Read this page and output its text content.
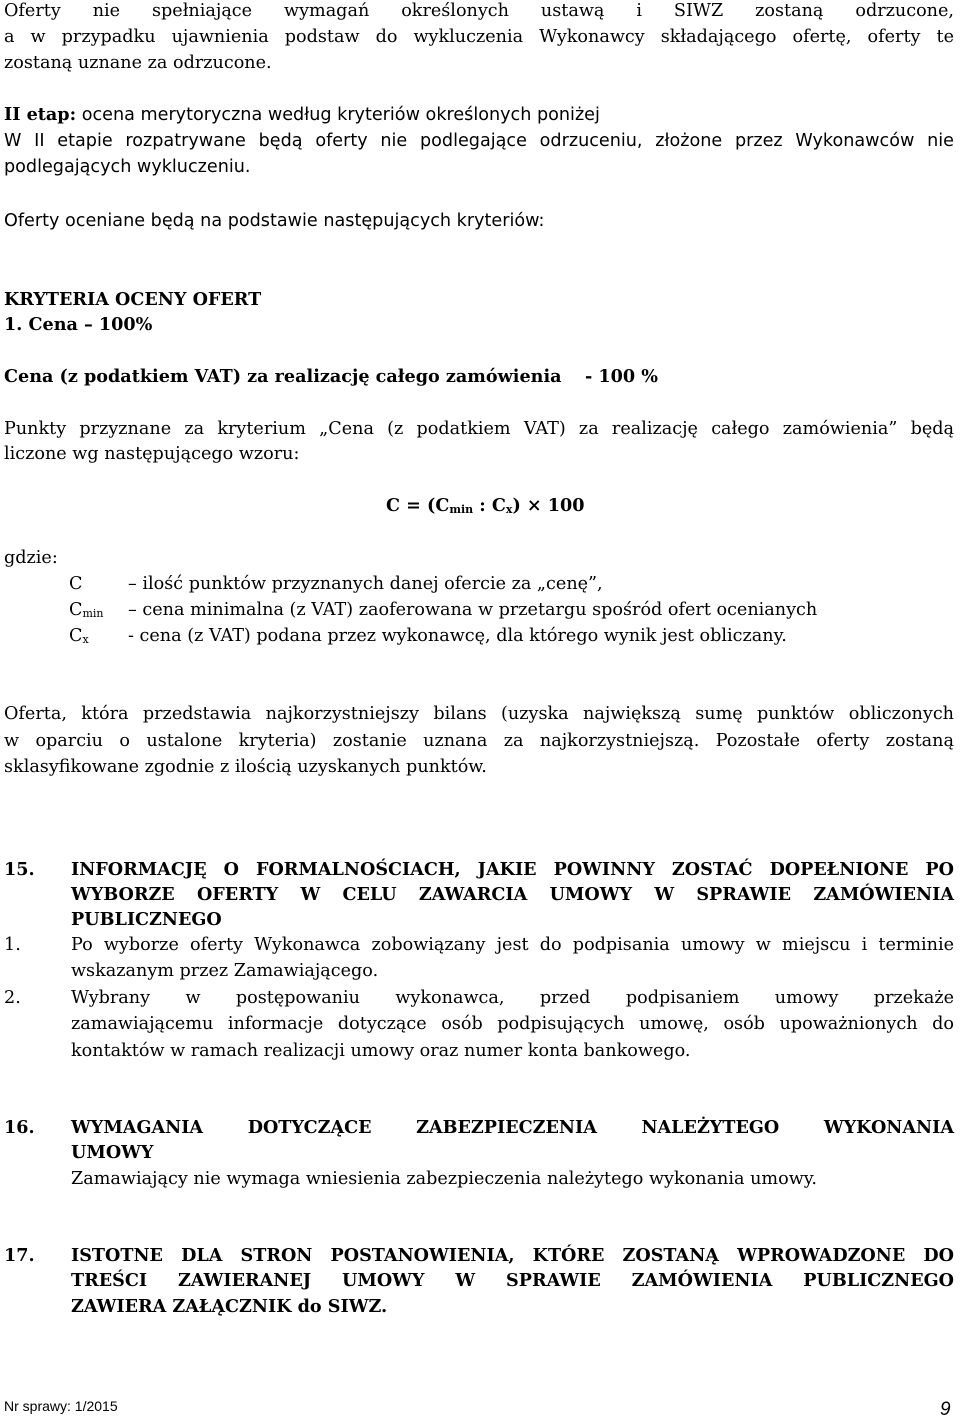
Oferty nie spełniające wymagań określonych ustawą i SIWZ zostaną odrzucone,
a w przypadku ujawnienia podstaw do wykluczenia Wykonawcy składającego ofertę, oferty te
zostaną uznane za odrzucone.
II etap: ocena merytoryczna według kryteriów określonych poniżej
W II etapie rozpatrywane będą oferty nie podlegające odrzuceniu, złożone przez Wykonawców nie
podlegających wykluczeniu.
Oferty oceniane będą na podstawie następujących kryteriów:
KRYTERIA OCENY OFERT
1. Cena – 100%
Cena (z podatkiem VAT) za realizację całego zamówienia - 100 %
Punkty przyznane za kryterium „Cena (z podatkiem VAT) za realizację całego zamówienia” będą
liczone wg następującego wzoru:
$C = (C_{min}$ : $C_x) \times 100$
gdzie:
C	– ilość punktów przyznanych danej ofercie za „cenę”,
$C_{min}$ – cena minimalna (z VAT) zaoferowana w przetargu spośród ofert ocenianych
$C_x$ - cena (z VAT) podana przez wykonawcę, dla którego wynik jest obliczany.
Oferta, która przedstawia najkorzystniejszy bilans (uzyska największą sumę punktów obliczonych
w oparciu o ustalone kryteria) zostanie uznana za najkorzystniejszą. Pozostałe oferty zostaną
sklasyfikowane zgodnie z ilością uzyskanych punktów.
15. INFORMACJĘ O FORMALNOŚCIACH, JAKIE POWINNY ZOSTAĆ DOPEŁNIONE PO
WYBORZE OFERTY W CELU ZAWARCIA UMOWY W SPRAWIE ZAMÓWIENIA
PUBLICZNEGO
1.	Po wyborze oferty Wykonawca zobowiązany jest do podpisania umowy w miejscu i terminie
wskazanym przez Zamawiającego.
2.	Wybrany w postępowaniu wykonawca, przed podpisaniem umowy przekaże
zamawiającemu informacje dotyczące osób podpisujących umowę, osób upoważnionych do
kontaktów w ramach realizacji umowy oraz numer konta bankowego.
16. WYMAGANIA DOTYCZĄCE ZABEZPIECZENIA NALEŻYTEGO WYKONANIA
UMOWY
Zamawiający nie wymaga wniesienia zabezpieczenia należytego wykonania umowy.
17. ISTOTNE DLA STRON POSTANOWIENIA, KTÓRE ZOSTANĄ WPROWADZONE DO
TREŚCI ZAWIERANEJ UMOWY W SPRAWIE ZAMÓWIENIA PUBLICZNEGO
ZAWIERA ZAŁĄCZNIK do SIWZ.
Nr sprawy: 1/2015	9
